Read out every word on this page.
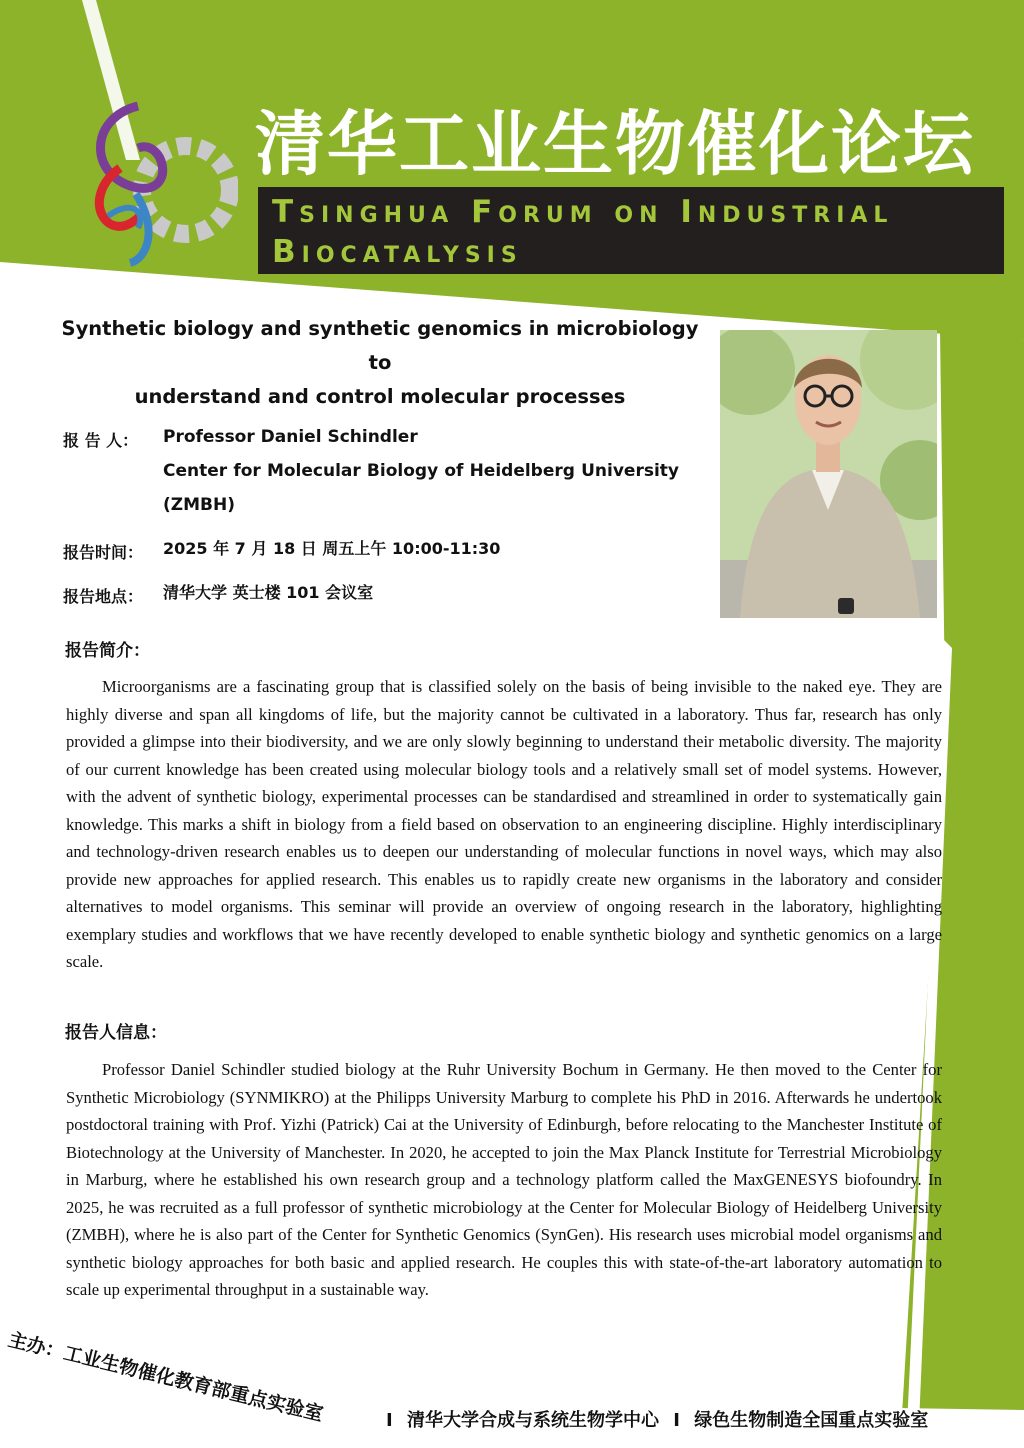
清华工业生物催化论坛
Tsinghua Forum on Industrial
Biocatalysis
Synthetic biology and synthetic genomics in microbiology to
understand and control molecular processes
报 告 人： Professor Daniel Schindler
Center for Molecular Biology of Heidelberg University (ZMBH)
报告时间： 2025 年 7 月 18 日 周五上午 10:00-11:30
报告地点： 清华大学 英士楼 101 会议室
报告简介：
Microorganisms are a fascinating group that is classified solely on the basis of being invisible to the naked eye. They are highly diverse and span all kingdoms of life, but the majority cannot be cultivated in a laboratory. Thus far, research has only provided a glimpse into their biodiversity, and we are only slowly beginning to understand their metabolic diversity. The majority of our current knowledge has been created using molecular biology tools and a relatively small set of model systems. However, with the advent of synthetic biology, experimental processes can be standardised and streamlined in order to systematically gain knowledge. This marks a shift in biology from a field based on observation to an engineering discipline. Highly interdisciplinary and technology-driven research enables us to deepen our understanding of molecular functions in novel ways, which may also provide new approaches for applied research. This enables us to rapidly create new organisms in the laboratory and consider alternatives to model organisms. This seminar will provide an overview of ongoing research in the laboratory, highlighting exemplary studies and workflows that we have recently developed to enable synthetic biology and synthetic genomics on a large scale.
报告人信息：
Professor Daniel Schindler studied biology at the Ruhr University Bochum in Germany. He then moved to the Center for Synthetic Microbiology (SYNMIKRO) at the Philipps University Marburg to complete his PhD in 2016. Afterwards he undertook postdoctoral training with Prof. Yizhi (Patrick) Cai at the University of Edinburgh, before relocating to the Manchester Institute of Biotechnology at the University of Manchester. In 2020, he accepted to join the Max Planck Institute for Terrestrial Microbiology in Marburg, where he established his own research group and a technology platform called the MaxGENESYS biofoundry. In 2025, he was recruited as a full professor of synthetic microbiology at the Center for Molecular Biology of Heidelberg University (ZMBH), where he is also part of the Center for Synthetic Genomics (SynGen). His research uses microbial model organisms and synthetic biology approaches for both basic and applied research. He couples this with state-of-the-art laboratory automation to scale up experimental throughput in a sustainable way.
主办：工业生物催化教育部重点实验室	I 清华大学合成与系统生物学中心 I 绿色生物制造全国重点实验室
